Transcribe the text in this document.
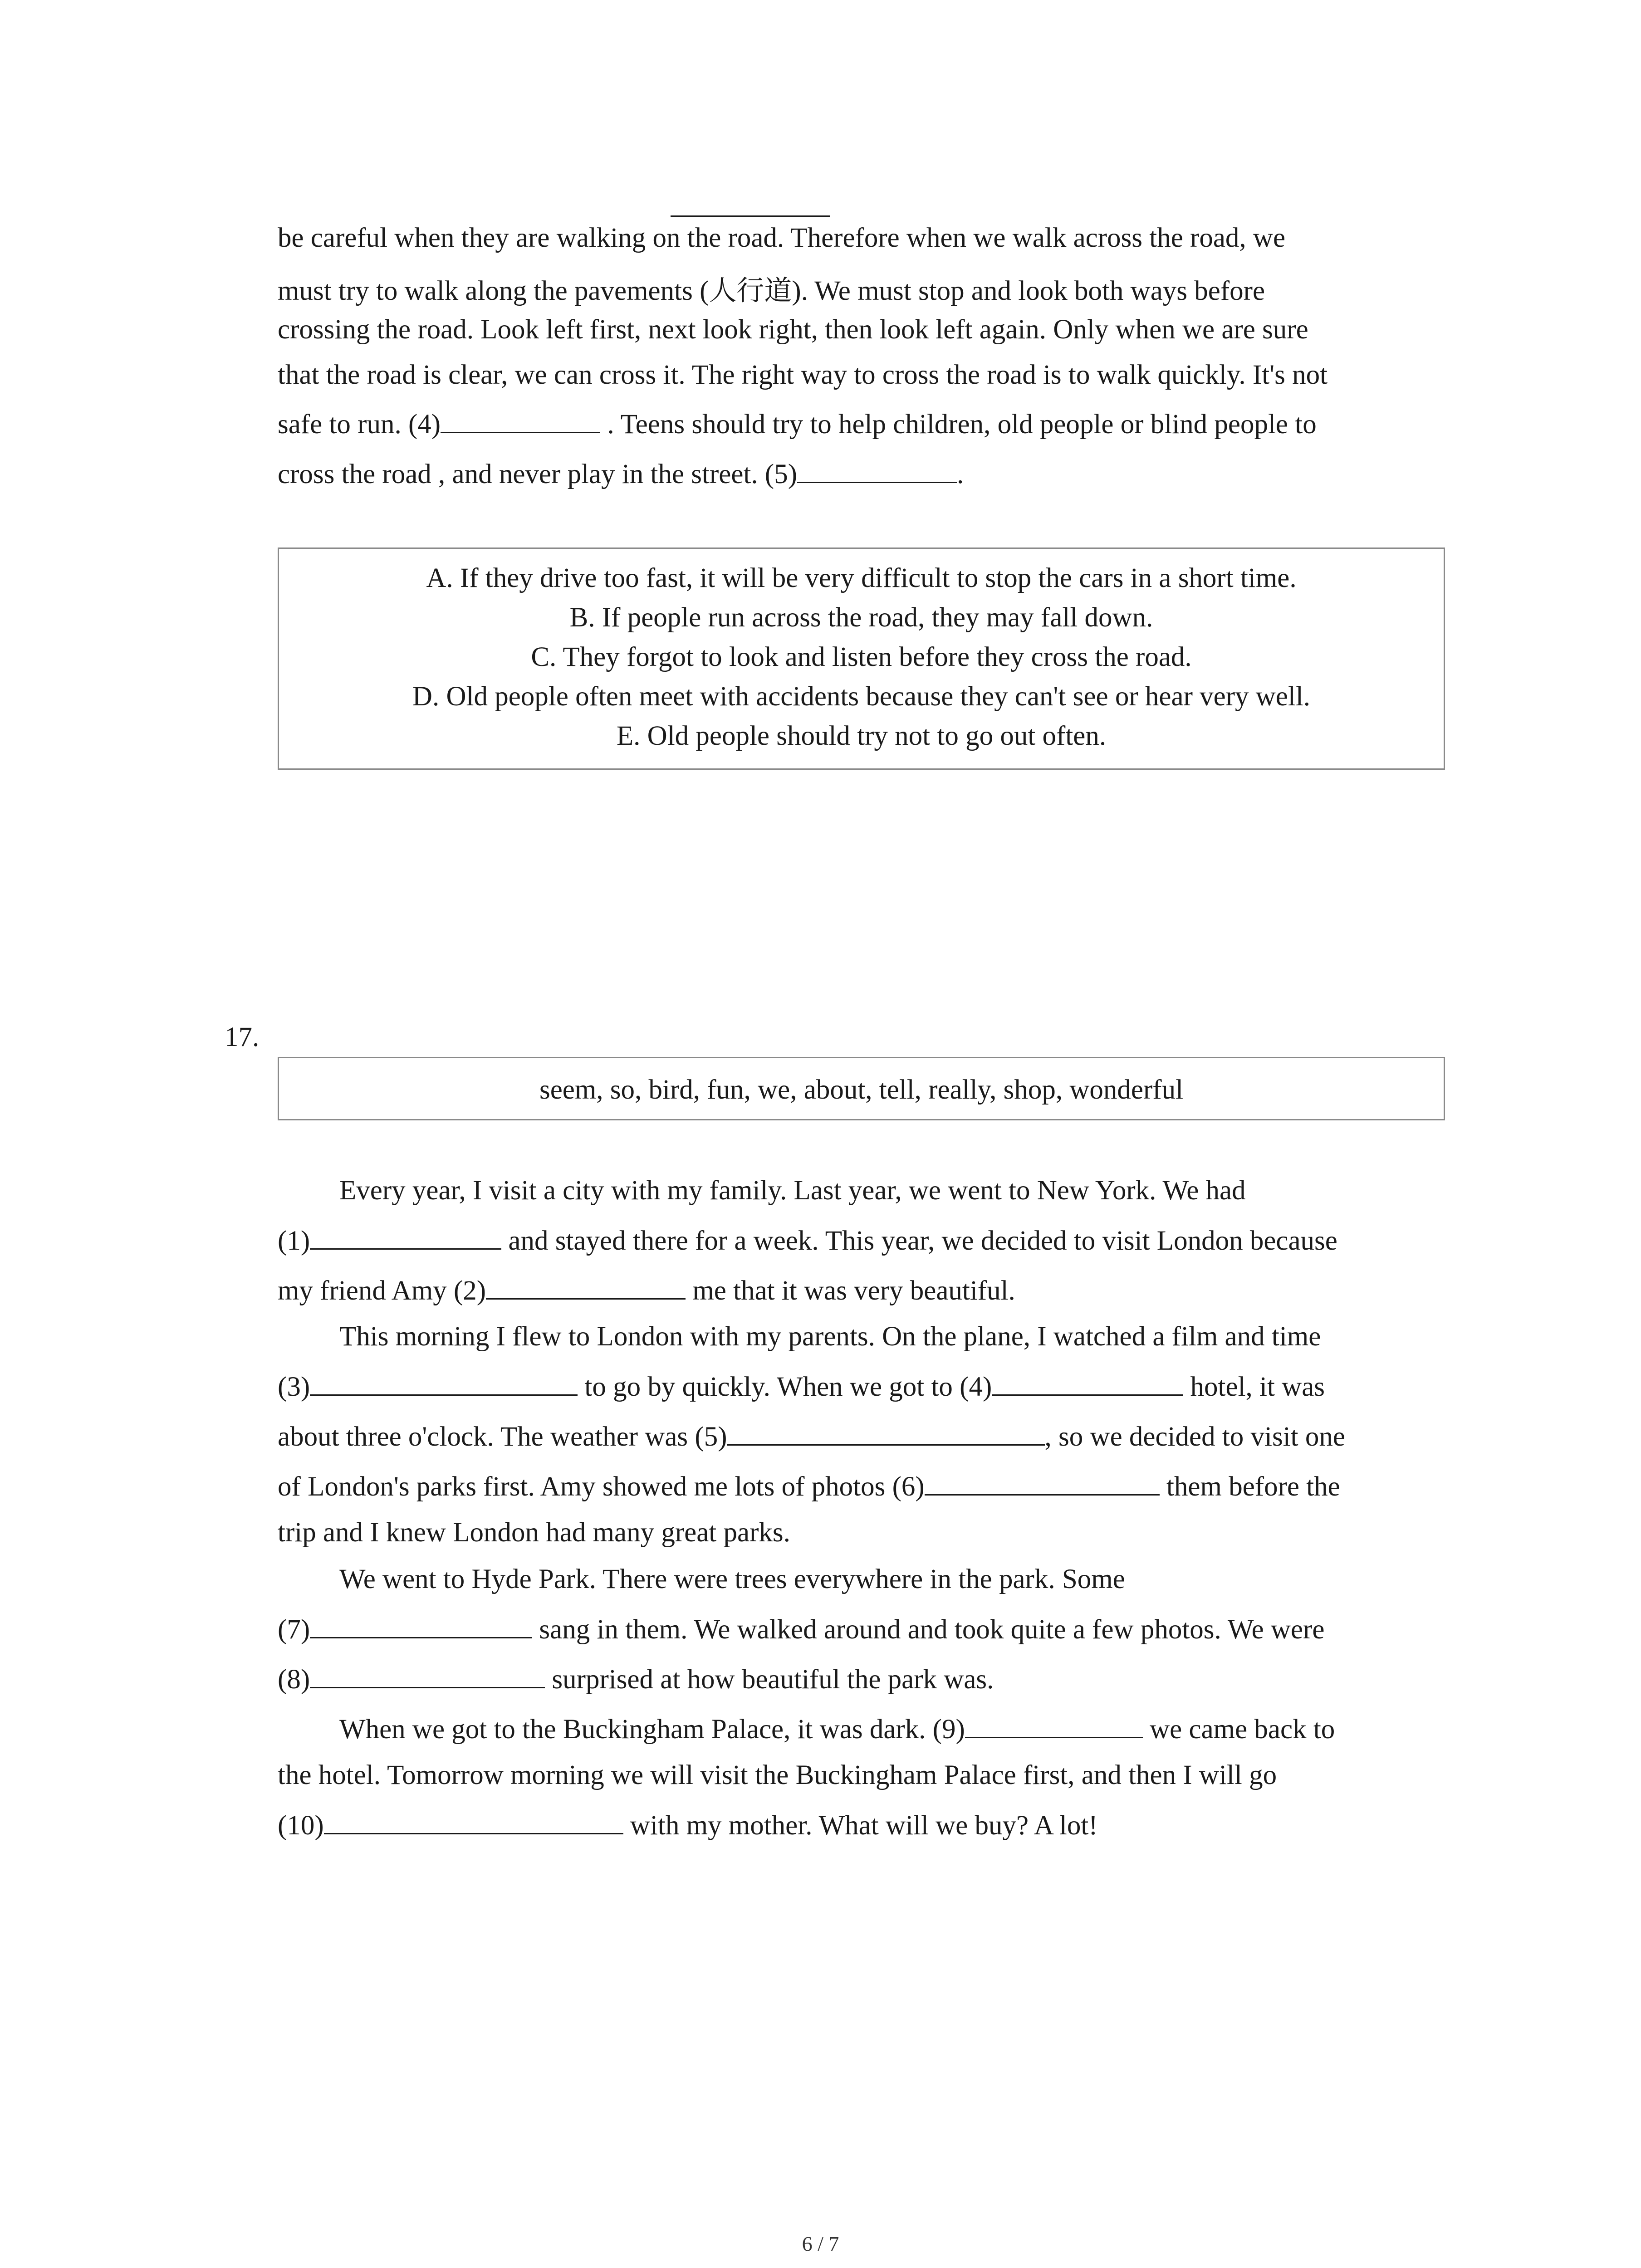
be careful when they are walking on the road. Therefore when we walk across the road, we
must try to walk along the pavements (人行道). We must stop and look both ways before
crossing the road. Look left first, next look right, then look left again. Only when we are sure
that the road is clear, we can cross it. The right way to cross the road is to walk quickly. It's not
safe to run. (4)	. Teens should try to help children, old people or blind people to
cross the road , and never play in the street. (5)	.
A. If they drive too fast, it will be very difficult to stop the cars in a short time.
B. If people run across the road, they may fall down.
C. They forgot to look and listen before they cross the road.
D. Old people often meet with accidents because they can't see or hear very well.
E. Old people should try not to go out often.
17.
seem, so, bird, fun, we, about, tell, really, shop, wonderful
Every year, I visit a city with my family. Last year, we went to New York. We had
(1)	and stayed there for a week. This year, we decided to visit London because
my friend Amy (2)	me that it was very beautiful.
This morning I flew to London with my parents. On the plane, I watched a film and time
(3)	to go by quickly. When we got to (4)	hotel, it was
about three o'clock. The weather was (5)	, so we decided to visit one
of London's parks first. Amy showed me lots of photos (6)	them before the
trip and I knew London had many great parks.
We went to Hyde Park. There were trees everywhere in the park. Some
(7)	sang in them. We walked around and took quite a few photos. We were
(8)	surprised at how beautiful the park was.
When we got to the Buckingham Palace, it was dark. (9)	we came back to
the hotel. Tomorrow morning we will visit the Buckingham Palace first, and then I will go
(10)	with my mother. What will we buy? A lot!
6 / 7
